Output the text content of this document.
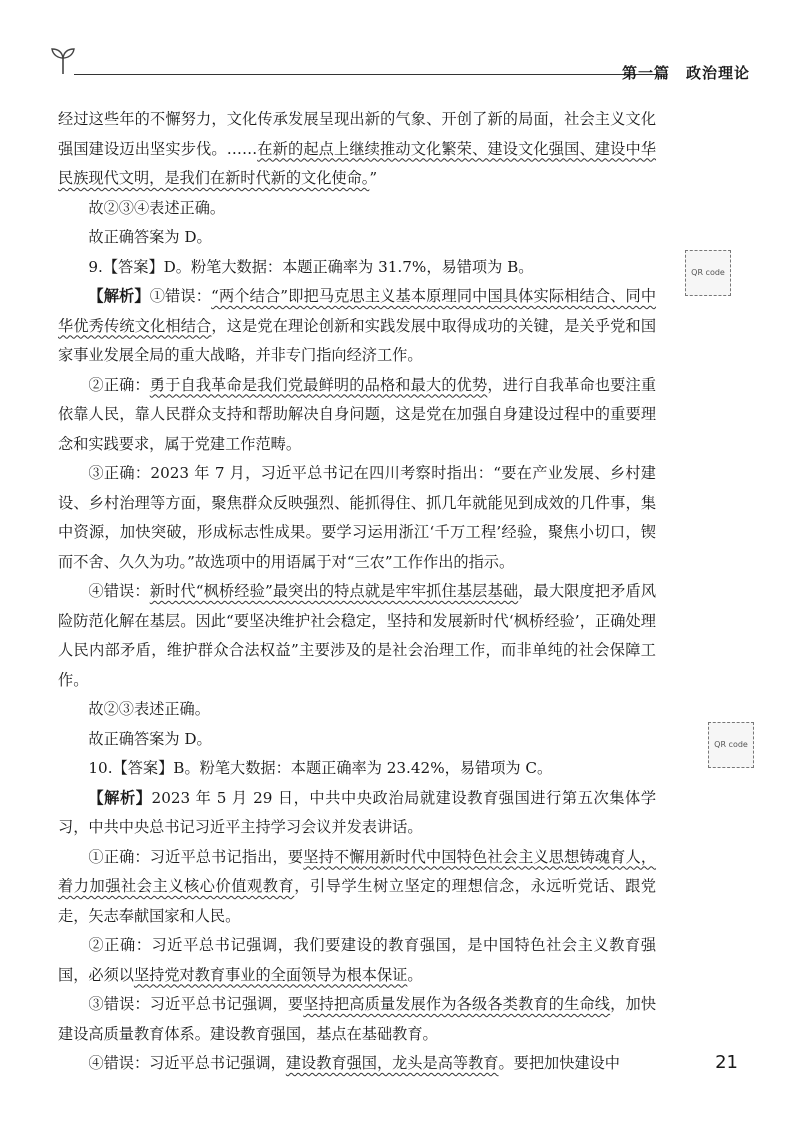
第一篇　政治理论

经过这些年的不懈努力，文化传承发展呈现出新的气象、开创了新的局面，社会主义文化强国建设迈出坚实步伐。……在新的起点上继续推动文化繁荣、建设文化强国、建设中华民族现代文明，是我们在新时代新的文化使命。”

故②③④表述正确。

故正确答案为 D。

9.【答案】D。粉笔大数据：本题正确率为 31.7%，易错项为 B。

【解析】①错误：“两个结合”即把马克思主义基本原理同中国具体实际相结合、同中华优秀传统文化相结合，这是党在理论创新和实践发展中取得成功的关键，是关乎党和国家事业发展全局的重大战略，并非专门指向经济工作。

②正确：勇于自我革命是我们党最鲜明的品格和最大的优势，进行自我革命也要注重依靠人民，靠人民群众支持和帮助解决自身问题，这是党在加强自身建设过程中的重要理念和实践要求，属于党建工作范畴。

③正确：2023 年 7 月，习近平总书记在四川考察时指出：“要在产业发展、乡村建设、乡村治理等方面，聚焦群众反映强烈、能抓得住、抓几年就能见到成效的几件事，集中资源，加快突破，形成标志性成果。要学习运用浙江‘千万工程’经验，聚焦小切口，锲而不舍、久久为功。”故选项中的用语属于对“三农”工作作出的指示。

④错误：新时代“枫桥经验”最突出的特点就是牢牢抓住基层基础，最大限度把矛盾风险防范化解在基层。因此“要坚决维护社会稳定，坚持和发展新时代‘枫桥经验’，正确处理人民内部矛盾，维护群众合法权益”主要涉及的是社会治理工作，而非单纯的社会保障工作。

故②③表述正确。

故正确答案为 D。

10.【答案】B。粉笔大数据：本题正确率为 23.42%，易错项为 C。

【解析】2023 年 5 月 29 日，中共中央政治局就建设教育强国进行第五次集体学习，中共中央总书记习近平主持学习会议并发表讲话。

①正确：习近平总书记指出，要坚持不懈用新时代中国特色社会主义思想铸魂育人，着力加强社会主义核心价值观教育，引导学生树立坚定的理想信念，永远听党话、跟党走，矢志奉献国家和人民。

②正确：习近平总书记强调，我们要建设的教育强国，是中国特色社会主义教育强国，必须以坚持党对教育事业的全面领导为根本保证。

③错误：习近平总书记强调，要坚持把高质量发展作为各级各类教育的生命线，加快建设高质量教育体系。建设教育强国，基点在基础教育。

④错误：习近平总书记强调，建设教育强国，龙头是高等教育。要把加快建设中

QR code
QR code
21
